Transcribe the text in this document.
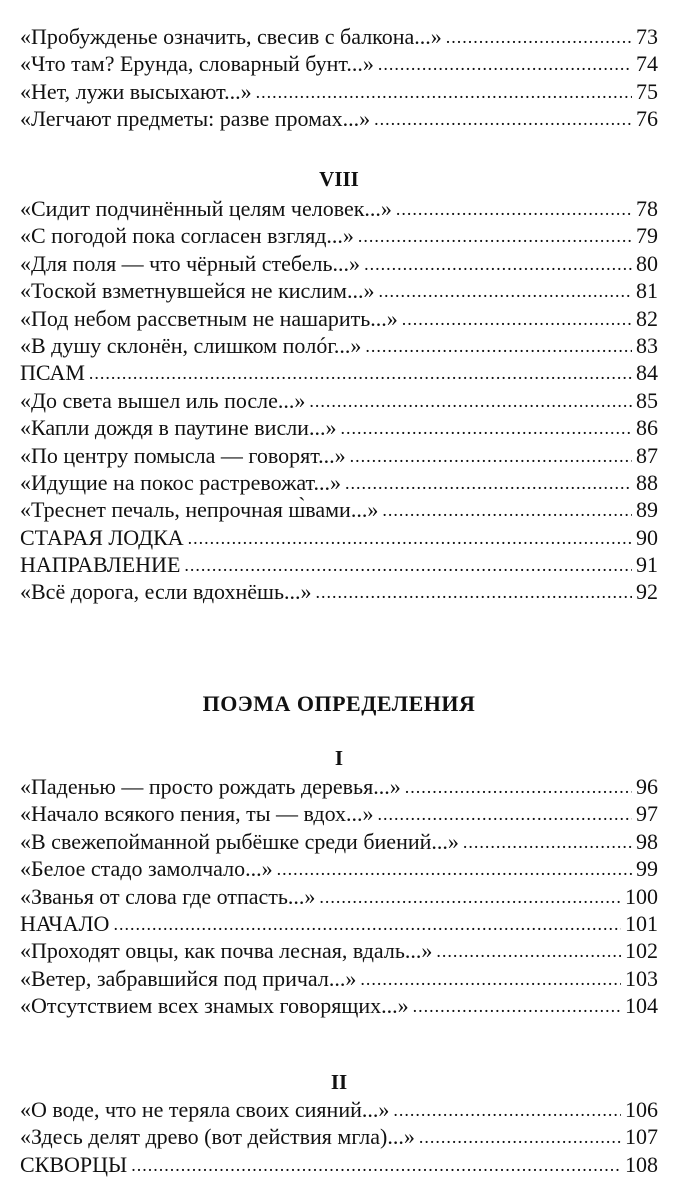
«Пробужденье означить, свесив с балкона...» .....	73
«Что там? Ерунда, словарный бунт...» .....	74
«Нет, лужи высыхают...» .....	75
«Легчают предметы: разве промах...» .....	76
VIII
«Сидит подчинённый целям человек...» .....	78
«С погодой пока согласен взгляд...» .....	79
«Для поля — что чёрный стебель...» .....	80
«Тоской взметнувшейся не кислим...» .....	81
«Под небом рассветным не нашарить...» .....	82
«В душу склонён, слишком пoлóг...» .....	83
ПСАМ .....	84
«До света вышел иль после...» .....	85
«Капли дождя в паутине висли...» .....	86
«По центру помысла — говорят...» .....	87
«Идущие на покос растревожат...» .....	88
«Треснет печаль, непрочная ш̀вами...» .....	89
СТАРАЯ ЛОДКА .....	90
НАПРАВЛЕНИЕ .....	91
«Всё дорога, если вдохнёшь...» .....	92
ПОЭМА ОПРЕДЕЛЕНИЯ
I
«Паденью — просто рождать деревья...» .....	96
«Начало всякого пения, ты — вдох...» .....	97
«В свежепойманной рыбёшке среди биений...» .....	98
«Белое стадо замолчало...» .....	99
«Званья от слова где отпасть...» .....	100
НАЧАЛО .....	101
«Проходят овцы, как почва лесная, вдаль...» .....	102
«Ветер, забравшийся под причал...» .....	103
«Отсутствием всех знамых говорящих...» .....	104
II
«О воде, что не теряла своих сияний...» .....	106
«Здесь делят древо (вот действия мгла)...» .....	107
СКВОРЦЫ .....	108
